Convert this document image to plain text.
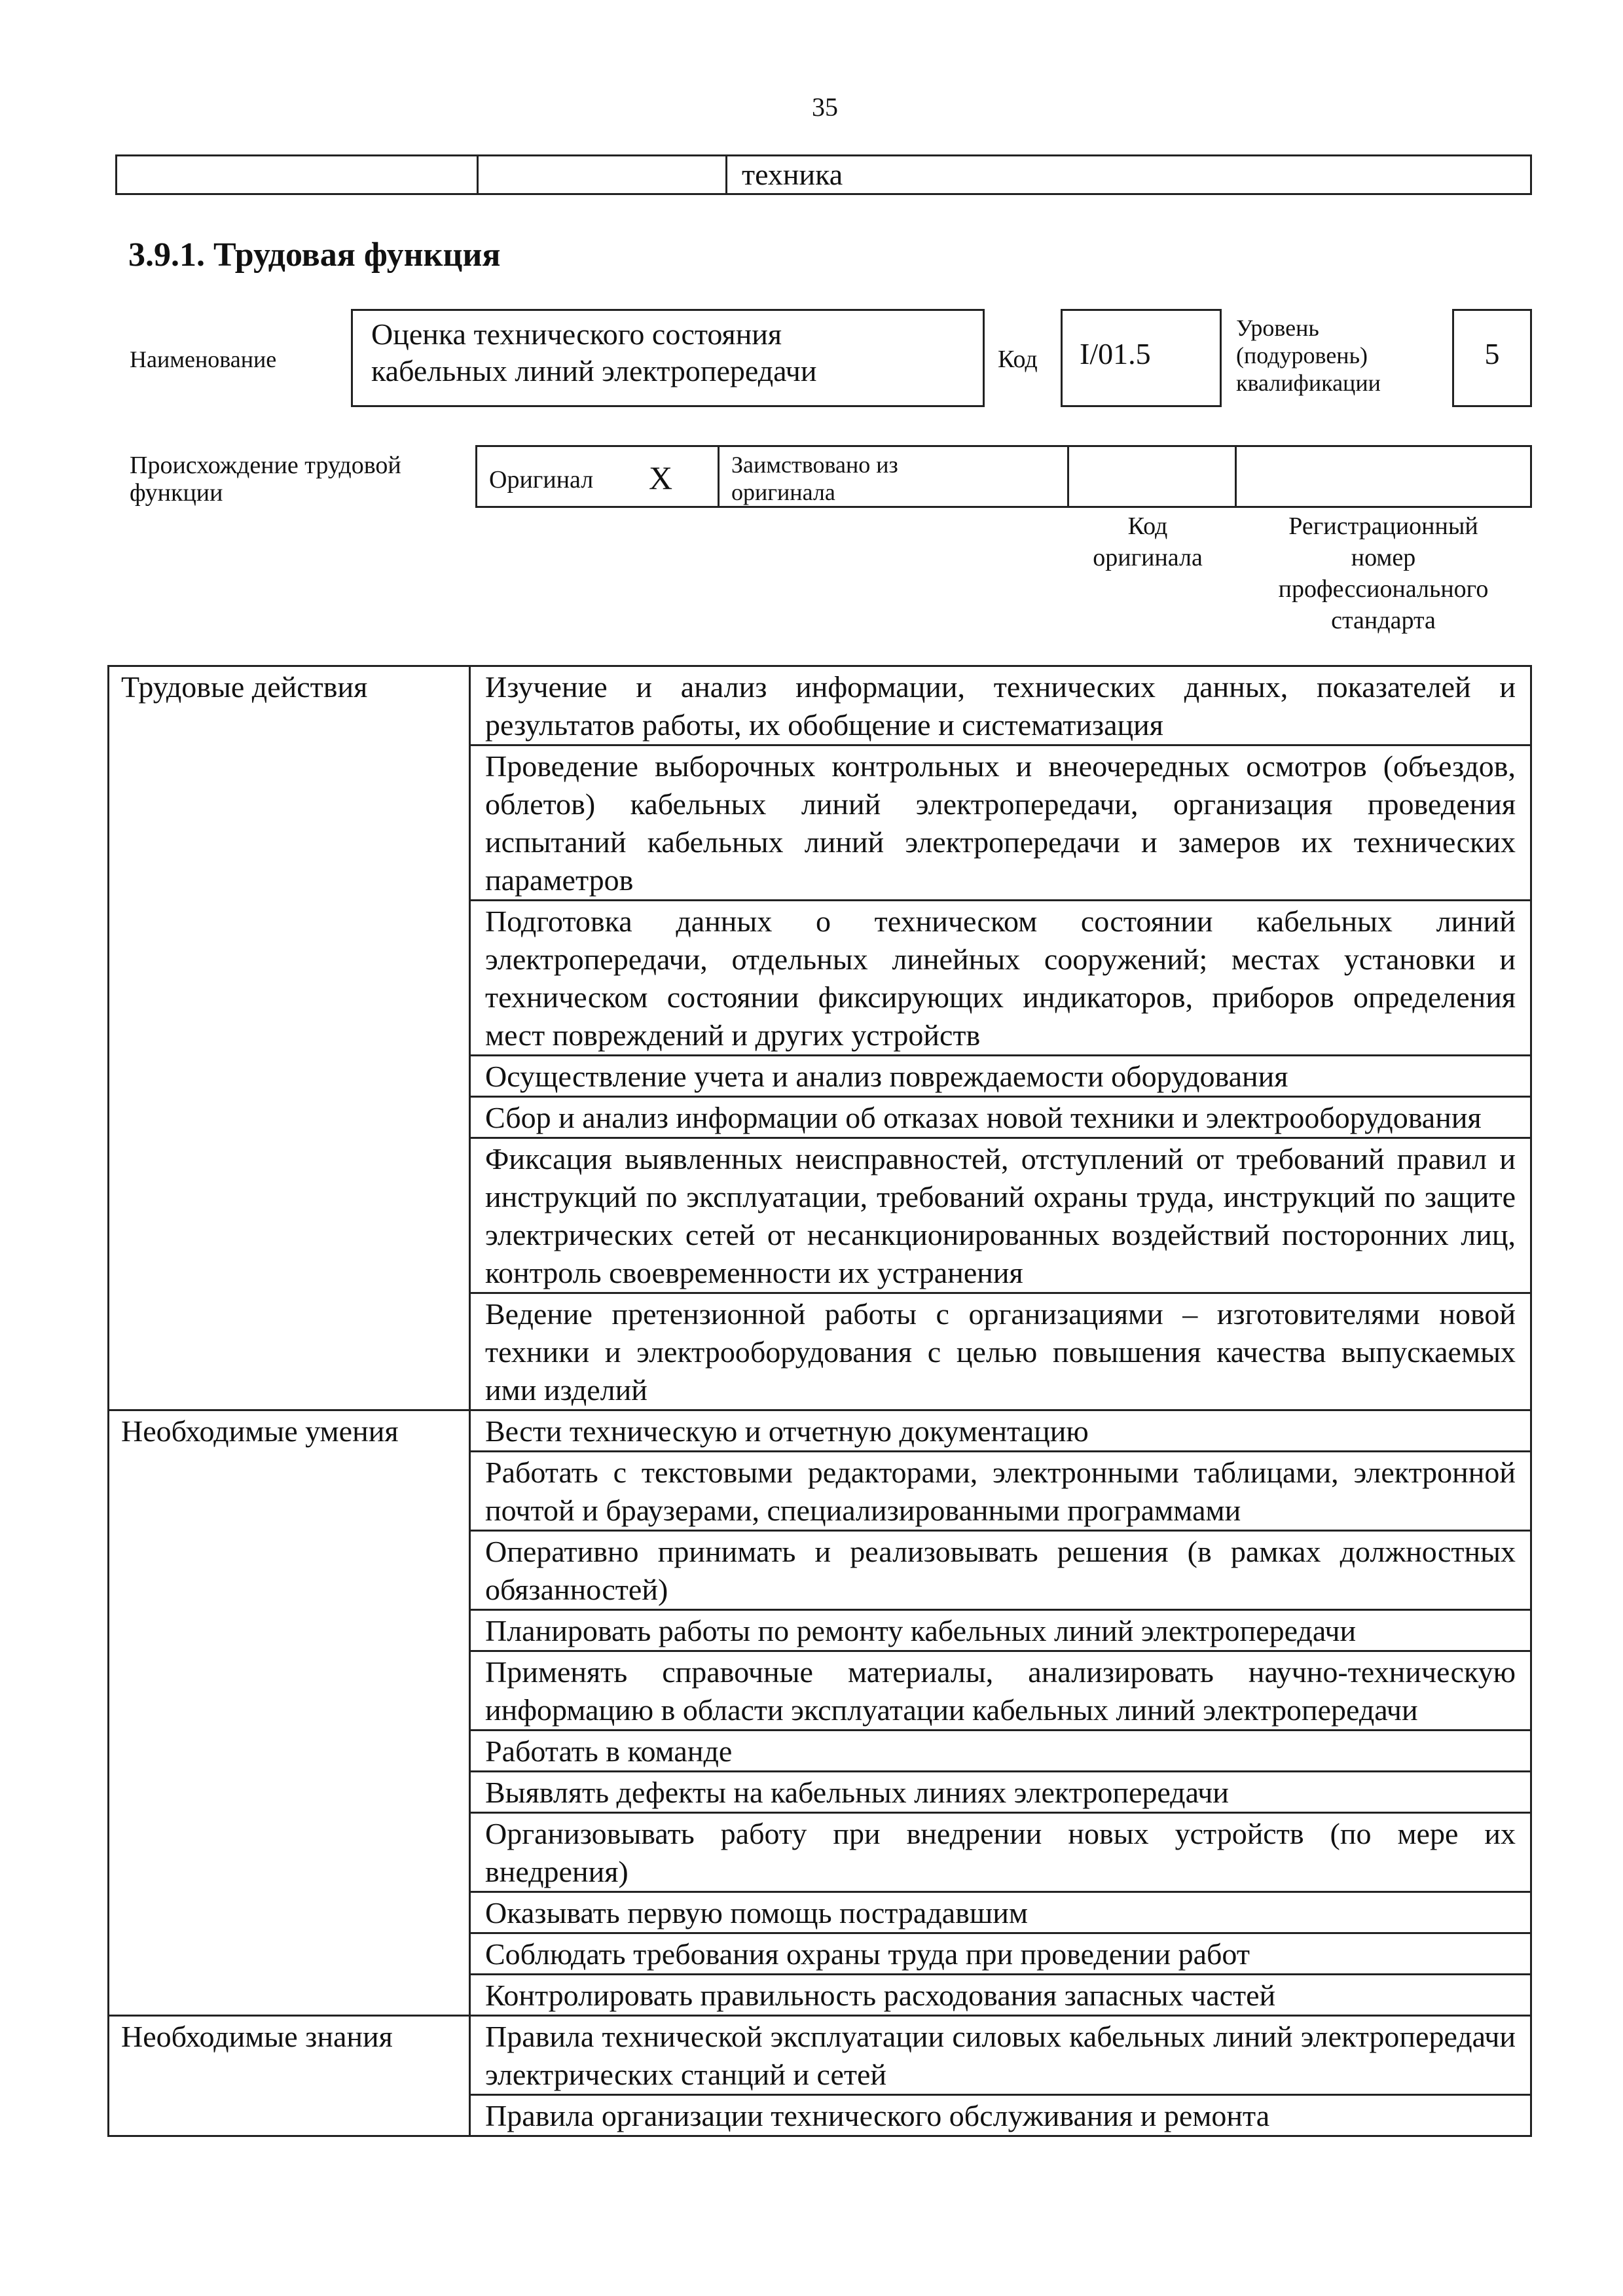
35
техника
3.9.1. Трудовая функция
Наименование
Оценка технического состояния
кабельных линий электропередачи	Код I/01.5
Уровень
(подуровень)
квалификации
5
Происхождение трудовой
функции	Оригинал X Заимствовано из
оригинала
Код
оригинала
Регистрационный
номер
профессионального
стандарта
Трудовые действия	Изучение и анализ информации, технических данных, показателей и результатов работы, их обобщение и систематизация
	Проведение выборочных контрольных и внеочередных осмотров (объездов, облетов) кабельных линий электропередачи, организация проведения испытаний кабельных линий электропередачи и замеров их технических параметров
	Подготовка данных о техническом состоянии кабельных линий электропередачи, отдельных линейных сооружений; местах установки и техническом состоянии фиксирующих индикаторов, приборов определения мест повреждений и других устройств
	Осуществление учета и анализ повреждаемости оборудования
	Сбор и анализ информации об отказах новой техники и электрооборудования
	Фиксация выявленных неисправностей, отступлений от требований правил и инструкций по эксплуатации, требований охраны труда, инструкций по защите электрических сетей от несанкционированных воздействий посторонних лиц, контроль своевременности их устранения
	Ведение претензионной работы с организациями – изготовителями новой техники и электрооборудования с целью повышения качества выпускаемых ими изделий
Необходимые умения	Вести техническую и отчетную документацию
	Работать с текстовыми редакторами, электронными таблицами, электронной почтой и браузерами, специализированными программами
	Оперативно принимать и реализовывать решения (в рамках должностных обязанностей)
	Планировать работы по ремонту кабельных линий электропередачи
	Применять справочные материалы, анализировать научно-техническую информацию в области эксплуатации кабельных линий электропередачи
	Работать в команде
	Выявлять дефекты на кабельных линиях электропередачи
	Организовывать работу при внедрении новых устройств (по мере их внедрения)
	Оказывать первую помощь пострадавшим
	Соблюдать требования охраны труда при проведении работ
	Контролировать правильность расходования запасных частей
Необходимые знания	Правила технической эксплуатации силовых кабельных линий электропередачи электрических станций и сетей
	Правила организации технического обслуживания и ремонта
